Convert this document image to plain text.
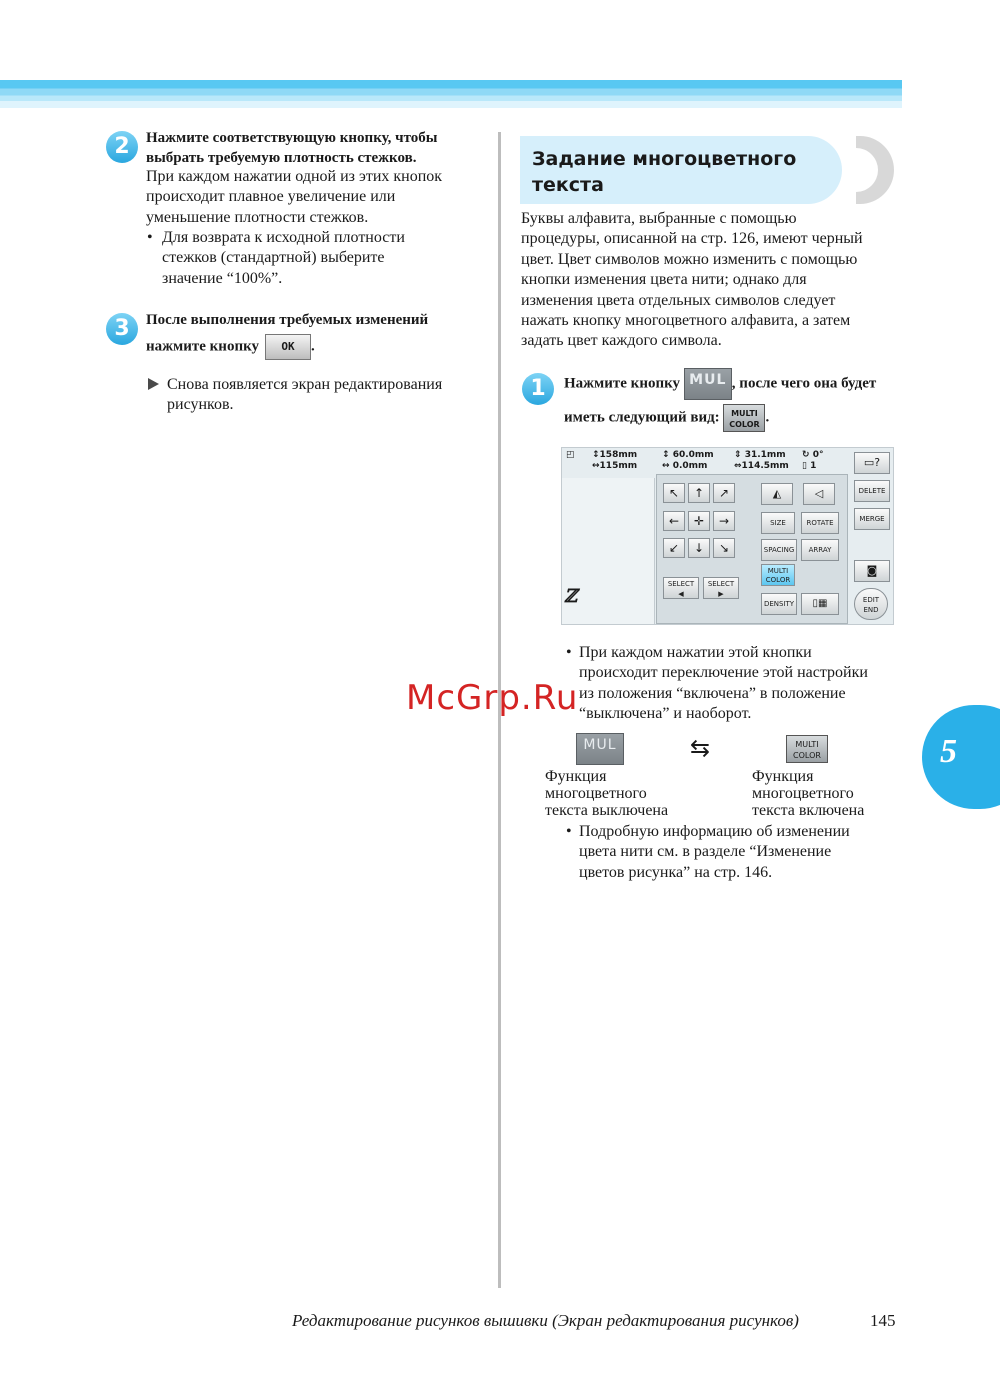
2	Нажмите соответствующую кнопку, чтобы
выбрать требуемую плотность стежков.
При каждом нажатии одной из этих кнопок
происходит плавное увеличение или
уменьшение плотности стежков.
• Для возврата к исходной плотности
стежков (стандартной) выберите
значение “100%”.
3	После выполнения требуемых изменений
нажмите кнопку OK .
Снова появляется экран редактирования
рисунков.
Задание многоцветного
текста
Буквы алфавита, выбранные с помощью
процедуры, описанной на стр. 126, имеют черный
цвет. Цвет символов можно изменить с помощью
кнопки изменения цвета нити; однако для
изменения цвета отдельных символов следует
нажать кнопку многоцветного алфавита, а затем
задать цвет каждого символа.
1	Нажмите кнопку MUL , после чего она будет
иметь следующий вид: MULTI
COLOR .
ℤ
◰ ↕158mm
↔115mm
↕ 60.0mm
↔ 0.0mm
⇕ 31.1mm
⇔114.5mm
↻ 0°
▯ 1
↖	↑	↗
←	✛	→
↙	↓	↘
◭	◁
SIZE	ROTATE
SPACING	ARRAY
MULTI
COLOR
SELECT
◀
SELECT
▶
DENSITY	▯▦
▭?
DELETE
MERGE
◙
EDIT
END
• При каждом нажатии этой кнопки
происходит переключение этой настройки
из положения “включена” в положение
“выключена” и наоборот.
MUL	⇆	MULTI
COLOR
Функция
многоцветного
текста выключена
Функция
многоцветного
текста включена
• Подробную информацию об изменении
цвета нити см. в разделе “Изменение
цветов рисунка” на стр. 146.
5
McGrp.Ru
Редактирование рисунков вышивки (Экран редактирования рисунков)	145
